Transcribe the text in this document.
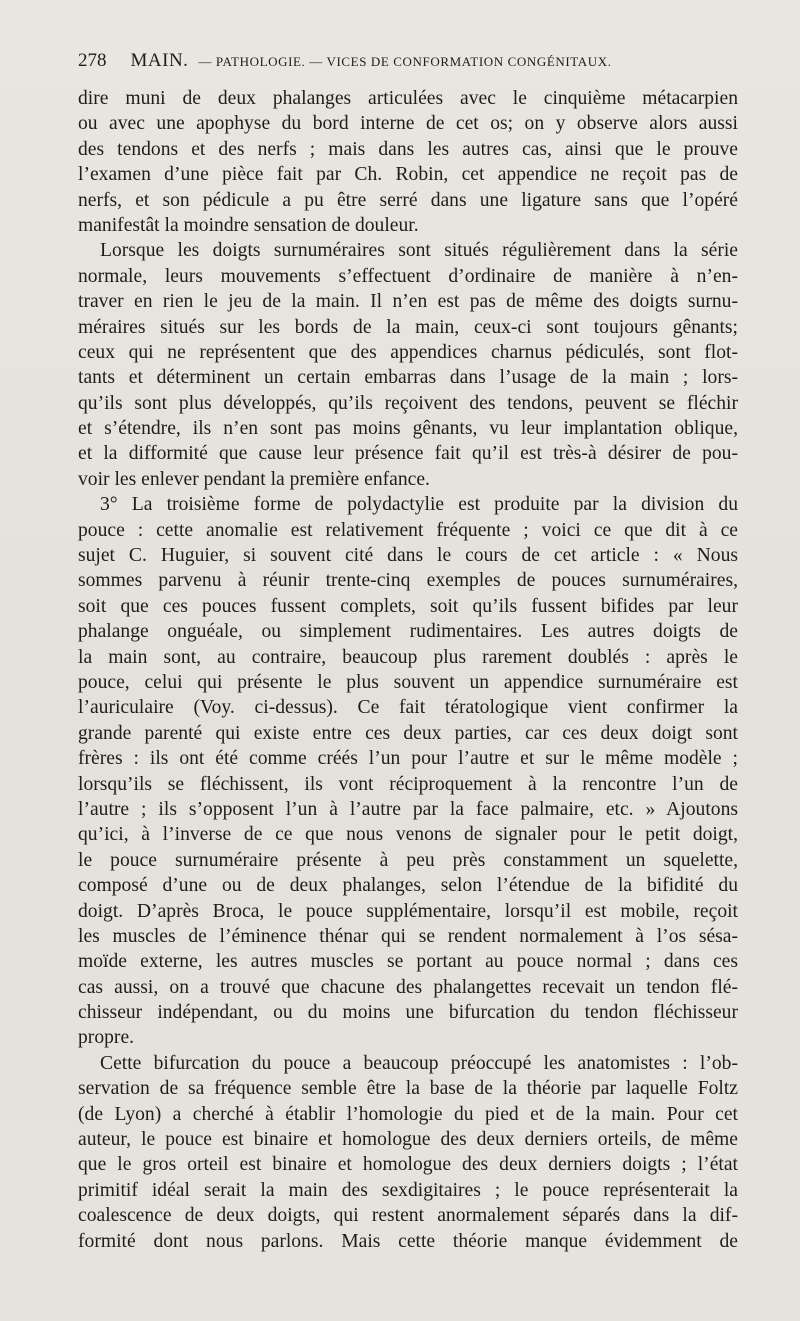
278 MAIN. — PATHOLOGIE. — VICES DE CONFORMATION CONGÉNITAUX.
dire muni de deux phalanges articulées avec le cinquième métacarpien
ou avec une apophyse du bord interne de cet os; on y observe alors aussi
des tendons et des nerfs ; mais dans les autres cas, ainsi que le prouve
l’examen d’une pièce fait par Ch. Robin, cet appendice ne reçoit pas de
nerfs, et son pédicule a pu être serré dans une ligature sans que l’opéré
manifestât la moindre sensation de douleur.
Lorsque les doigts surnuméraires sont situés régulièrement dans la série
normale, leurs mouvements s’effectuent d’ordinaire de manière à n’en-
traver en rien le jeu de la main. Il n’en est pas de même des doigts surnu-
méraires situés sur les bords de la main, ceux-ci sont toujours gênants;
ceux qui ne représentent que des appendices charnus pédiculés, sont flot-
tants et déterminent un certain embarras dans l’usage de la main ; lors-
qu’ils sont plus développés, qu’ils reçoivent des tendons, peuvent se fléchir
et s’étendre, ils n’en sont pas moins gênants, vu leur implantation oblique,
et la difformité que cause leur présence fait qu’il est très-à désirer de pou-
voir les enlever pendant la première enfance.
3° La troisième forme de polydactylie est produite par la division du
pouce : cette anomalie est relativement fréquente ; voici ce que dit à ce
sujet C. Huguier, si souvent cité dans le cours de cet article : « Nous
sommes parvenu à réunir trente-cinq exemples de pouces surnuméraires,
soit que ces pouces fussent complets, soit qu’ils fussent bifides par leur
phalange onguéale, ou simplement rudimentaires. Les autres doigts de
la main sont, au contraire, beaucoup plus rarement doublés : après le
pouce, celui qui présente le plus souvent un appendice surnuméraire est
l’auriculaire (Voy. ci-dessus). Ce fait tératologique vient confirmer la
grande parenté qui existe entre ces deux parties, car ces deux doigt sont
frères : ils ont été comme créés l’un pour l’autre et sur le même modèle ;
lorsqu’ils se fléchissent, ils vont réciproquement à la rencontre l’un de
l’autre ; ils s’opposent l’un à l’autre par la face palmaire, etc. » Ajoutons
qu’ici, à l’inverse de ce que nous venons de signaler pour le petit doigt,
le pouce surnuméraire présente à peu près constamment un squelette,
composé d’une ou de deux phalanges, selon l’étendue de la bifidité du
doigt. D’après Broca, le pouce supplémentaire, lorsqu’il est mobile, reçoit
les muscles de l’éminence thénar qui se rendent normalement à l’os sésa-
moïde externe, les autres muscles se portant au pouce normal ; dans ces
cas aussi, on a trouvé que chacune des phalangettes recevait un tendon flé-
chisseur indépendant, ou du moins une bifurcation du tendon fléchisseur
propre.
Cette bifurcation du pouce a beaucoup préoccupé les anatomistes : l’ob-
servation de sa fréquence semble être la base de la théorie par laquelle Foltz
(de Lyon) a cherché à établir l’homologie du pied et de la main. Pour cet
auteur, le pouce est binaire et homologue des deux derniers orteils, de même
que le gros orteil est binaire et homologue des deux derniers doigts ; l’état
primitif idéal serait la main des sexdigitaires ; le pouce représenterait la
coalescence de deux doigts, qui restent anormalement séparés dans la dif-
formité dont nous parlons. Mais cette théorie manque évidemment de
